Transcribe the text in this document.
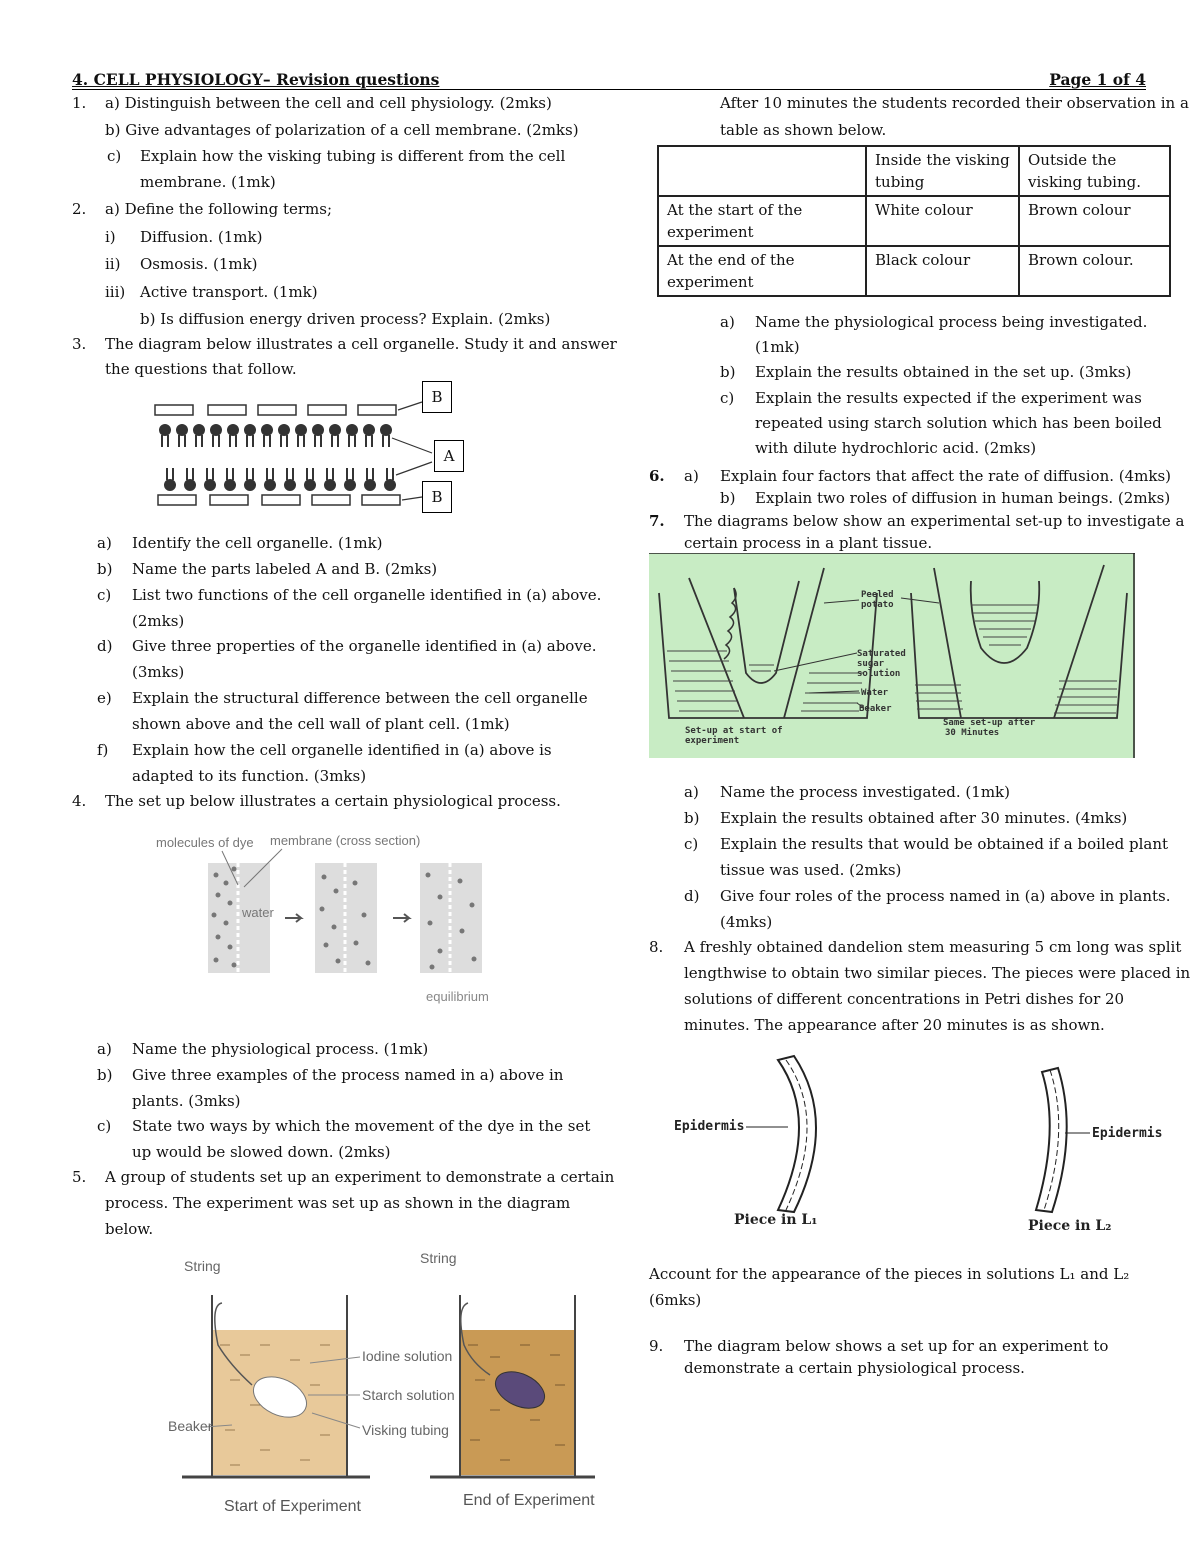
4. CELL PHYSIOLOGY– Revision questions	Page 1 of 4
1. a) Distinguish between the cell and cell physiology. (2mks)
b) Give advantages of polarization of a cell membrane. (2mks)
c) Explain how the visking tubing is different from the cell
membrane. (1mk)
2. a) Define the following terms;
i) Diffusion. (1mk)
ii) Osmosis. (1mk)
iii) Active transport. (1mk)
b) Is diffusion energy driven process? Explain. (2mks)
3. The diagram below illustrates a cell organelle. Study it and answer
the questions that follow.
B
A
B
a) Identify the cell organelle. (1mk)
b) Name the parts labeled A and B. (2mks)
c) List two functions of the cell organelle identified in (a) above.
(2mks)
d) Give three properties of the organelle identified in (a) above.
(3mks)
e) Explain the structural difference between the cell organelle
shown above and the cell wall of plant cell. (1mk)
f) Explain how the cell organelle identified in (a) above is
adapted to its function. (3mks)
4. The set up below illustrates a certain physiological process.
molecules of dye membrane (cross section)
water
equilibrium
a) Name the physiological process. (1mk)
b) Give three examples of the process named in a) above in
plants. (3mks)
c) State two ways by which the movement of the dye in the set
up would be slowed down. (2mks)
5. A group of students set up an experiment to demonstrate a certain
process. The experiment was set up as shown in the diagram
below.
String	String
Iodine solution
Starch solution
Visking tubing
Beaker
Start of Experiment	End of Experiment
After 10 minutes the students recorded their observation in a
table as shown below.
	Inside the visking tubing	Outside the visking tubing.
At the start of the experiment	White colour	Brown colour
At the end of the experiment	Black colour	Brown colour.
a) Name the physiological process being investigated.
(1mk)
b) Explain the results obtained in the set up. (3mks)
c) Explain the results expected if the experiment was
repeated using starch solution which has been boiled
with dilute hydrochloric acid. (2mks)
6. a) Explain four factors that affect the rate of diffusion. (4mks)
b) Explain two roles of diffusion in human beings. (2mks)
7. The diagrams below show an experimental set-up to investigate a
certain process in a plant tissue.
Peeled
potato
Saturated
sugar
solution
Water
Beaker
Set-up at start of
experiment
Same set-up after
30 Minutes
a) Name the process investigated. (1mk)
b) Explain the results obtained after 30 minutes. (4mks)
c) Explain the results that would be obtained if a boiled plant
tissue was used. (2mks)
d) Give four roles of the process named in (a) above in plants.
(4mks)
8. A freshly obtained dandelion stem measuring 5 cm long was split
lengthwise to obtain two similar pieces. The pieces were placed in
solutions of different concentrations in Petri dishes for 20
minutes. The appearance after 20 minutes is as shown.
Epidermis	Epidermis
Piece in L₁	Piece in L₂
Account for the appearance of the pieces in solutions L₁ and L₂
(6mks)
9. The diagram below shows a set up for an experiment to
demonstrate a certain physiological process.
